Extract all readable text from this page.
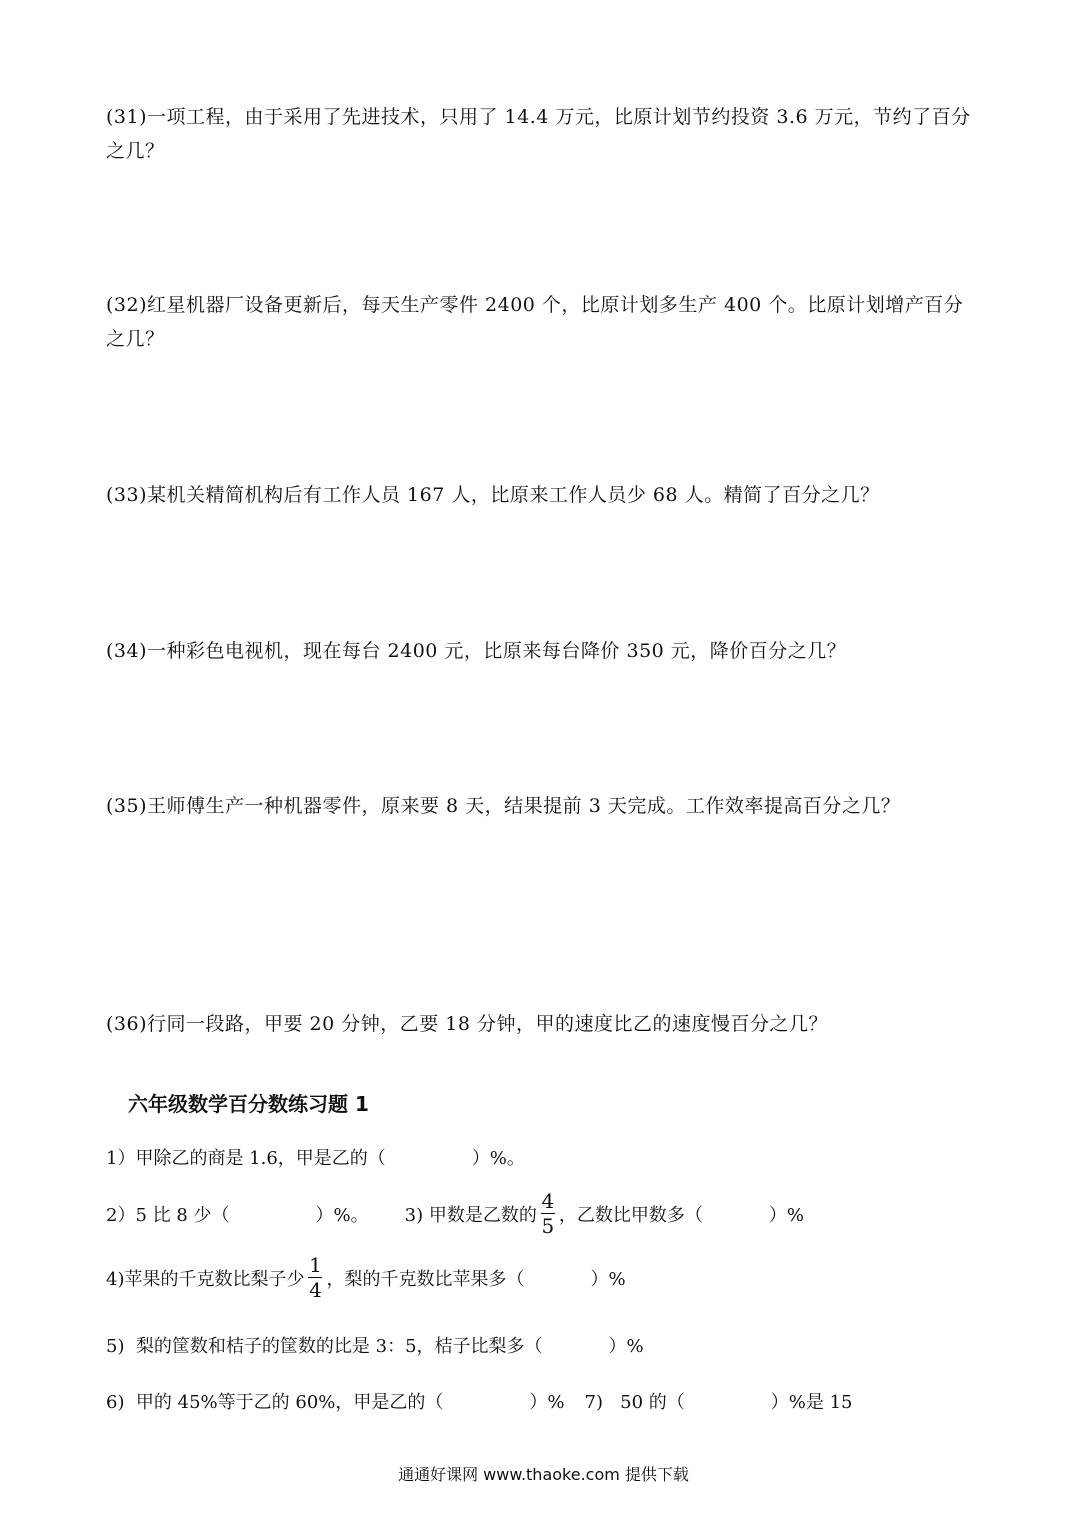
(31)一项工程，由于采用了先进技术，只用了 14.4 万元，比原计划节约投资 3.6 万元，节约了百分之几？

(32)红星机器厂设备更新后，每天生产零件 2400 个，比原计划多生产 400 个。比原计划增产百分之几？

(33)某机关精简机构后有工作人员 167 人，比原来工作人员少 68 人。精简了百分之几？

(34)一种彩色电视机，现在每台 2400 元，比原来每台降价 350 元，降价百分之几？

(35)王师傅生产一种机器零件，原来要 8 天，结果提前 3 天完成。工作效率提高百分之几？

(36)行同一段路，甲要 20 分钟，乙要 18 分钟，甲的速度比乙的速度慢百分之几？

六年级数学百分数练习题 1
1）甲除乙的商是 1.6，甲是乙的（	）%。
2）5 比 8 少（	）%。 3) 甲数是乙数的 $\frac{4}{5}$ ，乙数比甲数多（	）%
4)苹果的千克数比梨子少 $\frac{1}{4}$ ，梨的千克数比苹果多（	）%
5)  梨的筐数和桔子的筐数的比是 3：5，桔子比梨多（	）%
6)  甲的 45%等于乙的 60%，甲是乙的（	）% 7)   50 的（	）%是 15
通通好课网 www.thaoke.com 提供下载
